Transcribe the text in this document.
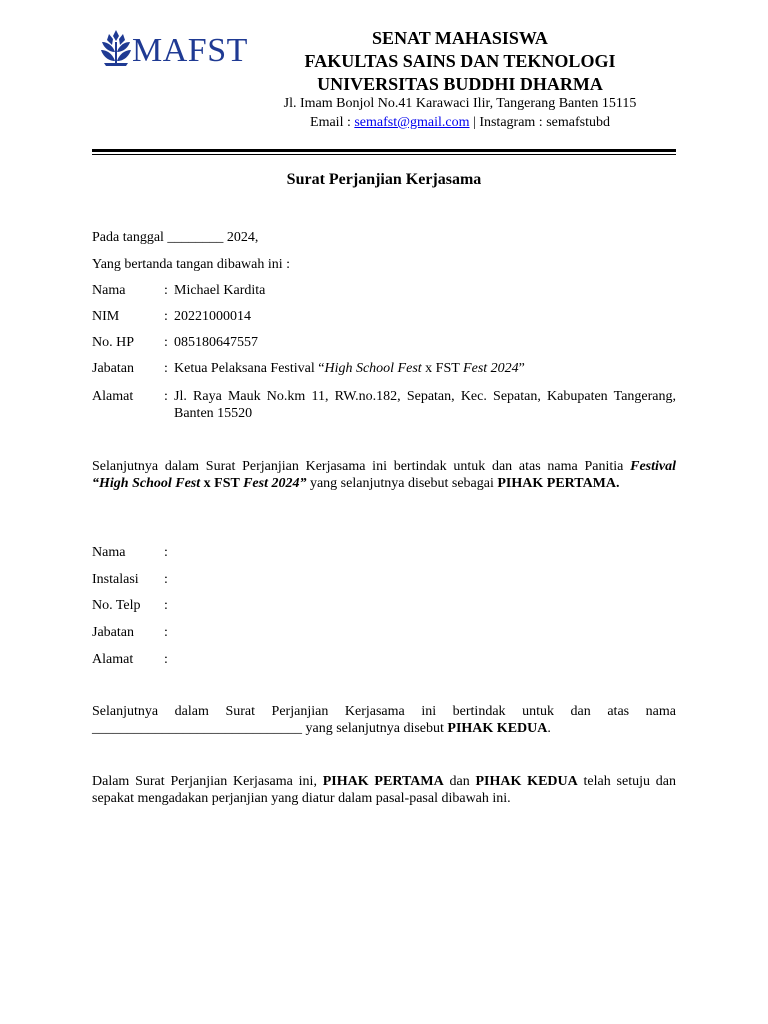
MAFST	SENAT MAHASISWA
FAKULTAS SAINS DAN TEKNOLOGI
UNIVERSITAS BUDDHI DHARMA
Jl. Imam Bonjol No.41 Karawaci Ilir, Tangerang Banten 15115
Email : semafst@gmail.com | Instagram : semafstubd
Surat Perjanjian Kerjasama
Pada tanggal ________ 2024,
Yang bertanda tangan dibawah ini :
Nama	: Michael Kardita
NIM	: 20221000014
No. HP : 085180647557
Jabatan : Ketua Pelaksana Festival “High School Fest x FST Fest 2024”
Alamat : Jl. Raya Mauk No.km 11, RW.no.182, Sepatan, Kec. Sepatan, Kabupaten Tangerang, Banten 15520
Selanjutnya dalam Surat Perjanjian Kerjasama ini bertindak untuk dan atas nama Panitia Festival “High School Fest x FST Fest 2024” yang selanjutnya disebut sebagai PIHAK PERTAMA.
Nama	:
Instalasi :
No. Telp :
Jabatan :
Alamat :
Selanjutnya dalam Surat Perjanjian Kerjasama ini bertindak untuk dan atas nama ______________________________ yang selanjutnya disebut PIHAK KEDUA.
Dalam Surat Perjanjian Kerjasama ini, PIHAK PERTAMA dan PIHAK KEDUA telah setuju dan sepakat mengadakan perjanjian yang diatur dalam pasal-pasal dibawah ini.
